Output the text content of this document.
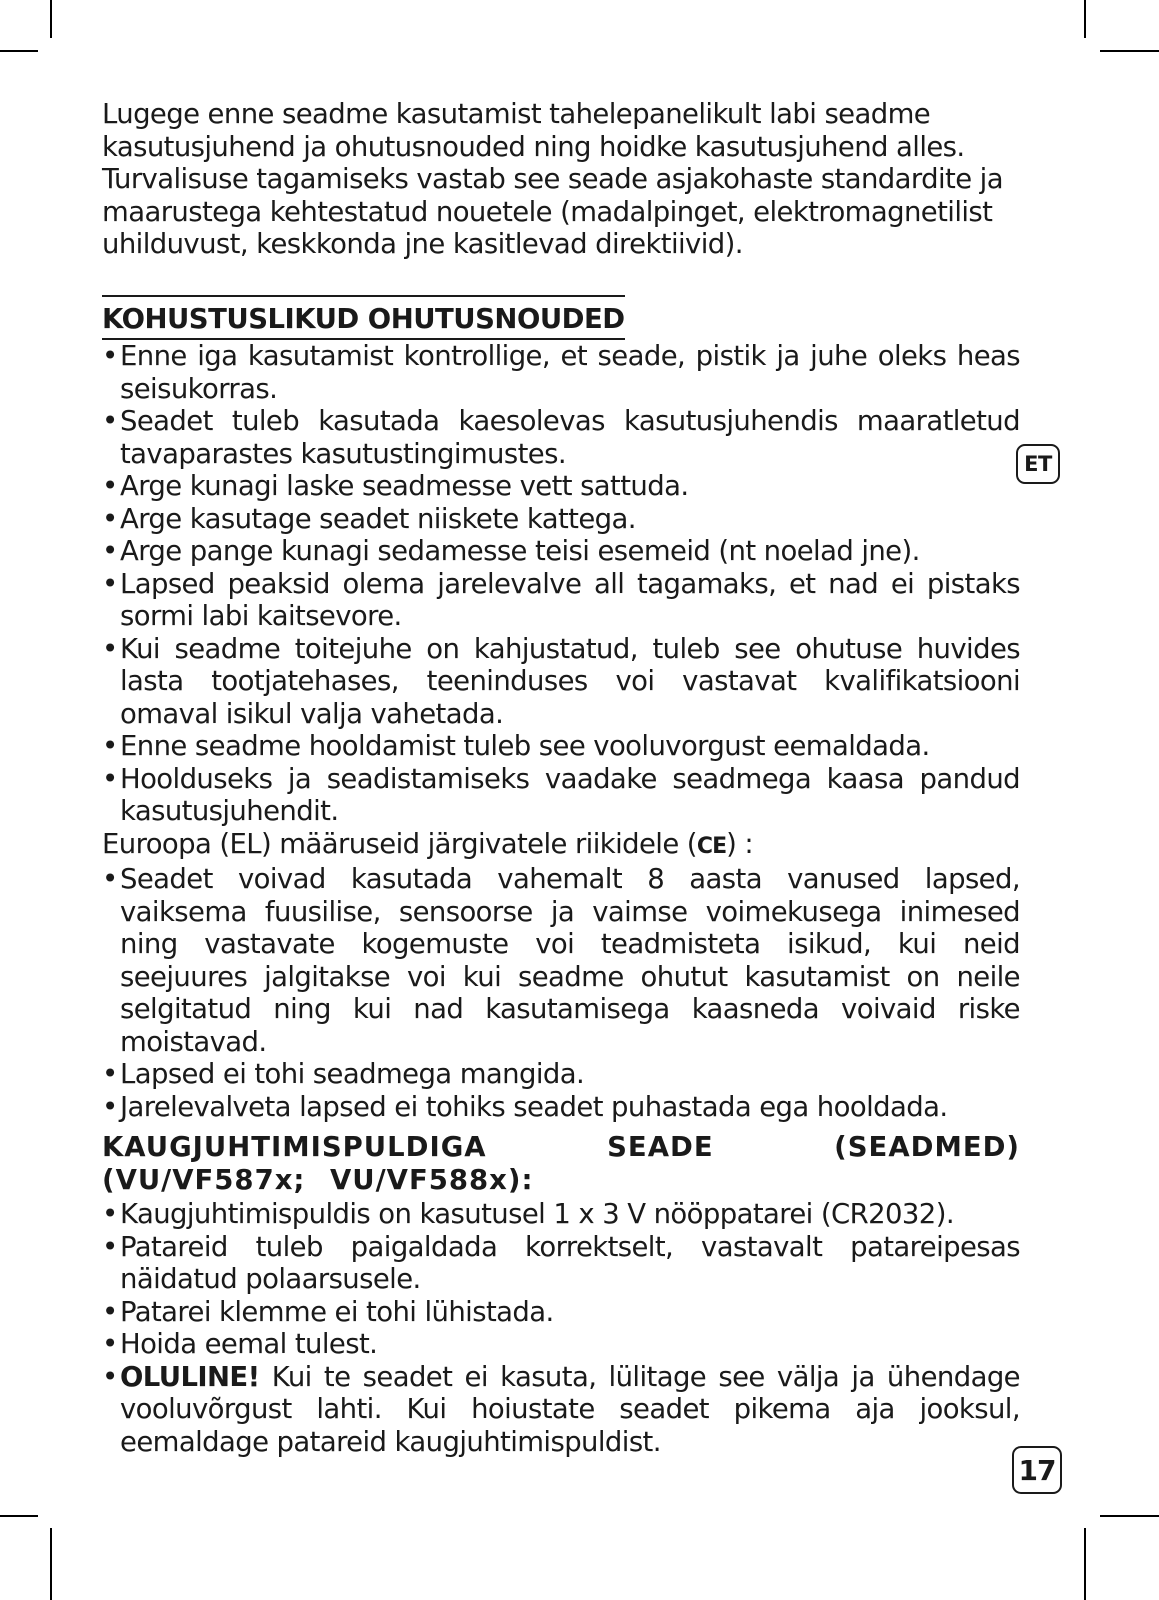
Lugege enne seadme kasutamist tahelepanelikult labi seadme kasutusjuhend ja ohutusnouded ning hoidke kasutusjuhend alles. Turvalisuse tagamiseks vastab see seade asjakohaste standardite ja maarustega kehtestatud nouetele (madalpinget, elektromagnetilist uhilduvust, keskkonda jne kasitlevad direktiivid).

KOHUSTUSLIKUD OHUTUSNOUDED
• Enne iga kasutamist kontrollige, et seade, pistik ja juhe oleks heas seisukorras.
• Seadet tuleb kasutada kaesolevas kasutusjuhendis maaratletud tavaparastes kasutustingimustes.
• Arge kunagi laske seadmesse vett sattuda.
• Arge kasutage seadet niiskete kattega.
• Arge pange kunagi sedamesse teisi esemeid (nt noelad jne).
• Lapsed peaksid olema jarelevalve all tagamaks, et nad ei pistaks sormi labi kaitsevore.
• Kui seadme toitejuhe on kahjustatud, tuleb see ohutuse huvides lasta tootjatehases, teeninduses voi vastavat kvalifikatsiooni omaval isikul valja vahetada.
• Enne seadme hooldamist tuleb see vooluvorgust eemaldada.
• Hoolduseks ja seadistamiseks vaadake seadmega kaasa pandud kasutusjuhendit.

Euroopa (EL) määruseid järgivatele riikidele (CE) :

• Seadet voivad kasutada vahemalt 8 aasta vanused lapsed, vaiksema fuusilise, sensoorse ja vaimse voimekusega inimesed ning vastavate kogemuste voi teadmisteta isikud, kui neid seejuures jalgitakse voi kui seadme ohutut kasutamist on neile selgitatud ning kui nad kasutamisega kaasneda voivaid riske moistavad.
• Lapsed ei tohi seadmega mangida.
• Jarelevalveta lapsed ei tohiks seadet puhastada ega hooldada.

KAUGJUHTIMISPULDIGA SEADE (SEADMED) (VU/VF587x; VU/VF588x):

• Kaugjuhtimispuldis on kasutusel 1 x 3 V nööppatarei (CR2032).
• Patareid tuleb paigaldada korrektselt, vastavalt patareipesas näidatud polaarsusele.
• Patarei klemme ei tohi lühistada.
• Hoida eemal tulest.
• OLULINE! Kui te seadet ei kasuta, lülitage see välja ja ühendage vooluvõrgust lahti. Kui hoiustate seadet pikema aja jooksul, eemaldage patareid kaugjuhtimispuldist.
ET
17
